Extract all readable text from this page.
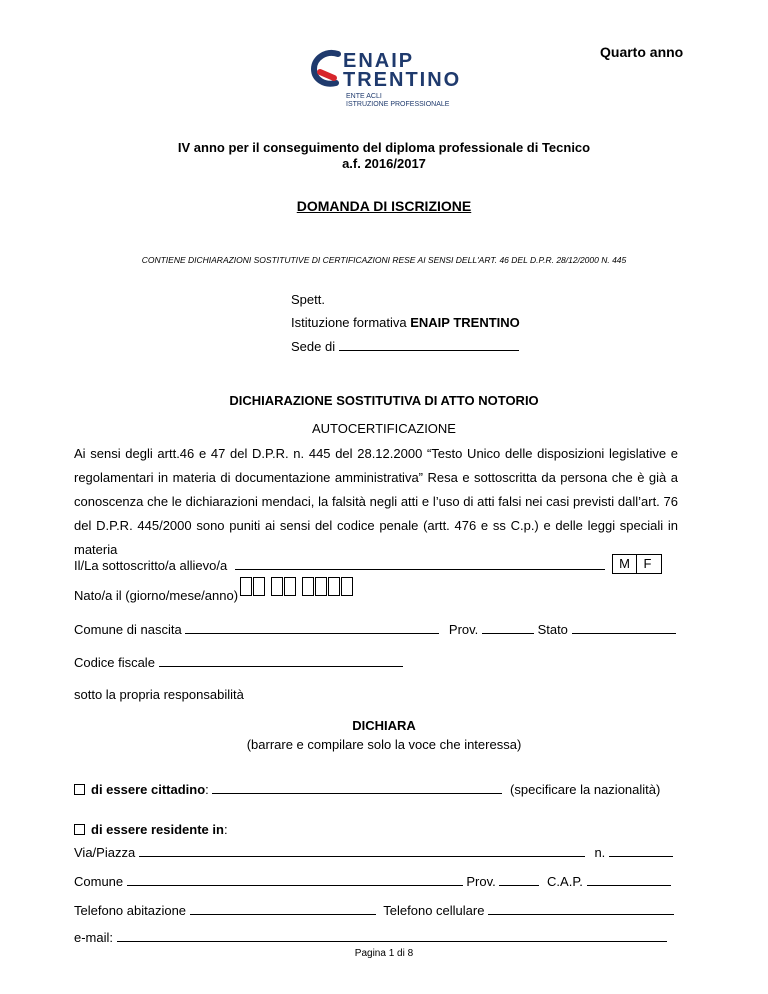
Quarto anno
ENAIP
TRENTINO
ENTE ACLI
ISTRUZIONE PROFESSIONALE
IV anno per il conseguimento del diploma professionale di Tecnico
a.f. 2016/2017
DOMANDA DI ISCRIZIONE
CONTIENE DICHIARAZIONI SOSTITUTIVE DI CERTIFICAZIONI RESE AI SENSI DELL'ART. 46 DEL D.P.R. 28/12/2000 N. 445
Spett.
Istituzione formativa ENAIP TRENTINO
Sede di
DICHIARAZIONE SOSTITUTIVA DI ATTO NOTORIO
AUTOCERTIFICAZIONE
Ai sensi degli artt.46 e 47 del D.P.R. n. 445 del 28.12.2000 “Testo Unico delle disposizioni legislative e regolamentari in materia di documentazione amministrativa” Resa e sottoscritta da persona che è già a conoscenza che le dichiarazioni mendaci, la falsità negli atti e l’uso di atti falsi nei casi previsti dall’art. 76 del D.P.R. 445/2000 sono puniti ai sensi del codice penale (artt. 476 e ss C.p.) e delle leggi speciali in materia
Il/La sottoscritto/a allievo/a	M F
Nato/a il (giorno/mese/anno)
Comune di nascita	Prov.	Stato
Codice fiscale
sotto la propria responsabilità
DICHIARA
(barrare e compilare solo la voce che interessa)
di essere cittadino:	(specificare la nazionalità)
di essere residente in:
Via/Piazza	n.
Comune	Prov.	C.A.P.
Telefono abitazione	Telefono cellulare
e-mail:
Pagina 1 di 8
